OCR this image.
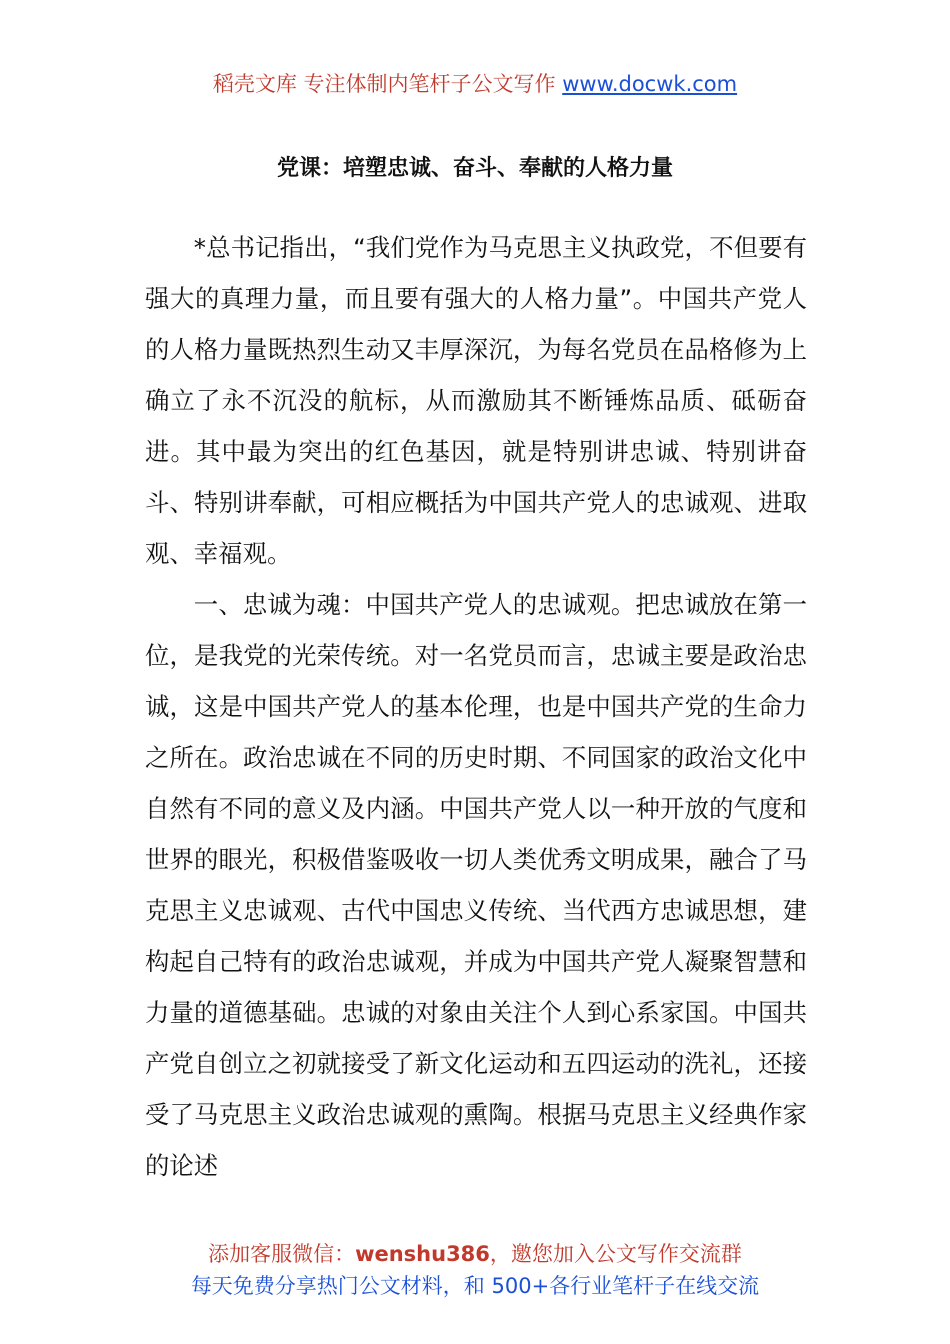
稻壳文库 专注体制内笔杆子公文写作 www.docwk.com
党课：培塑忠诚、奋斗、奉献的人格力量

*总书记指出，“我们党作为马克思主义执政党，不但要有强大的真理力量，而且要有强大的人格力量”。中国共产党人的人格力量既热烈生动又丰厚深沉，为每名党员在品格修为上确立了永不沉没的航标，从而激励其不断锤炼品质、砥砺奋进。其中最为突出的红色基因，就是特别讲忠诚、特别讲奋斗、特别讲奉献，可相应概括为中国共产党人的忠诚观、进取观、幸福观。

一、忠诚为魂：中国共产党人的忠诚观。把忠诚放在第一位，是我党的光荣传统。对一名党员而言，忠诚主要是政治忠诚，这是中国共产党人的基本伦理，也是中国共产党的生命力之所在。政治忠诚在不同的历史时期、不同国家的政治文化中自然有不同的意义及内涵。中国共产党人以一种开放的气度和世界的眼光，积极借鉴吸收一切人类优秀文明成果，融合了马克思主义忠诚观、古代中国忠义传统、当代西方忠诚思想，建构起自己特有的政治忠诚观，并成为中国共产党人凝聚智慧和力量的道德基础。忠诚的对象由关注个人到心系家国。中国共产党自创立之初就接受了新文化运动和五四运动的洗礼，还接受了马克思主义政治忠诚观的熏陶。根据马克思主义经典作家的论述

添加客服微信：wenshu386，邀您加入公文写作交流群
每天免费分享热门公文材料，和 500+各行业笔杆子在线交流
